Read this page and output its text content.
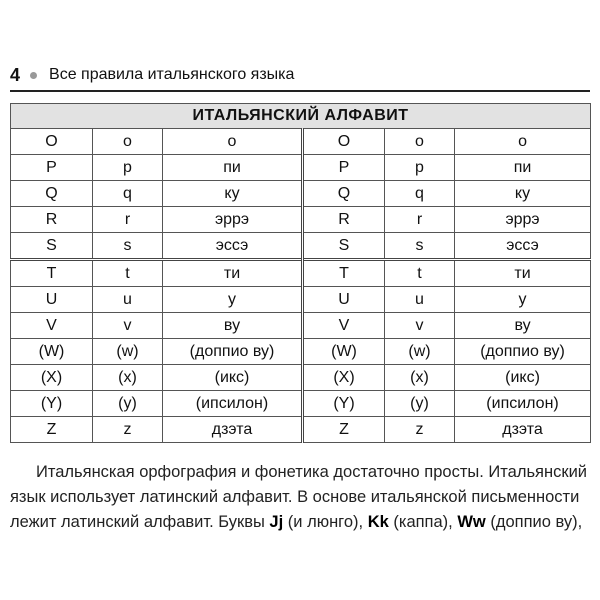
4 Все правила итальянского языка
ИТАЛЬЯНСКИЙ АЛФАВИТ					
O	o	o	O	o	o
P	p	пи	P	p	пи
Q	q	ку	Q	q	ку
R	r	эррэ	R	r	эррэ
S	s	эссэ	S	s	эссэ
T	t	ти	T	t	ти
U	u	у	U	u	у
V	v	ву	V	v	ву
(W)	(w)	(доппио ву)	(W)	(w)	(доппио ву)
(X)	(x)	(икс)	(X)	(x)	(икс)
(Y)	(y)	(ипсилон)	(Y)	(y)	(ипсилон)
Z	z	дзэта	Z	z	дзэта

Итальянская орфография и фонетика достаточно просты. Итальянский язык использует латинский алфавит. В основе итальянской письменности лежит латинский алфавит. Буквы Jj (и люнго), Kk (каппа), Ww (доппио ву),
